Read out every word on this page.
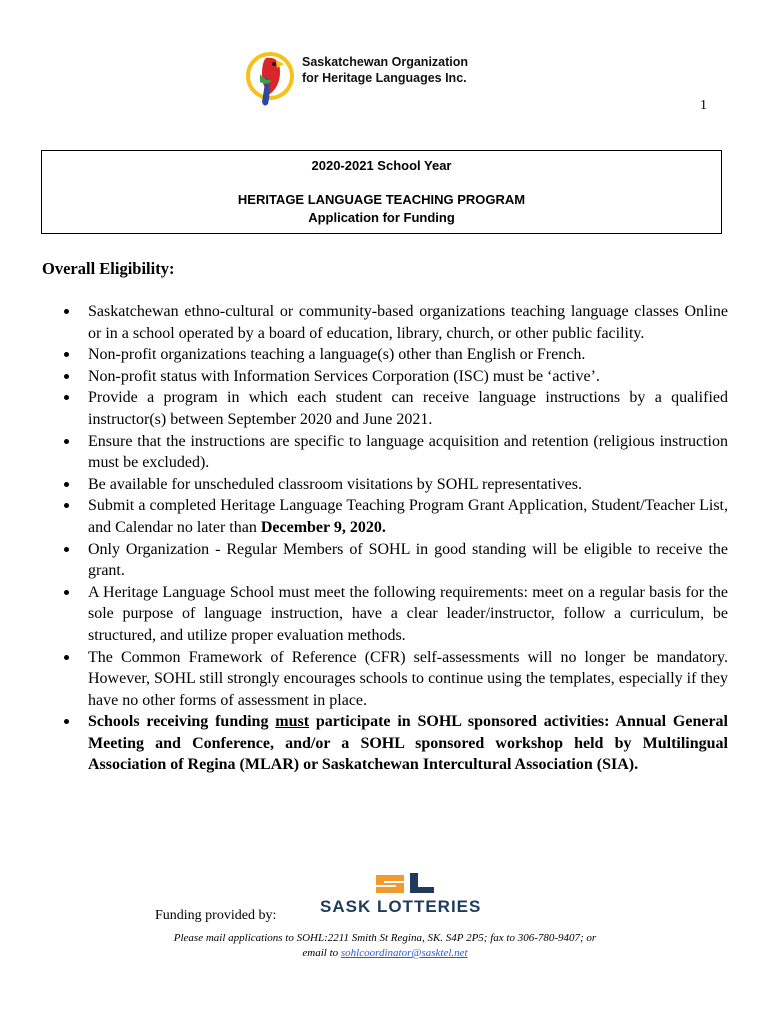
Saskatchewan Organization
for Heritage Languages Inc.
1
2020-2021 School Year
HERITAGE LANGUAGE TEACHING PROGRAM
Application for Funding
Overall Eligibility:
Saskatchewan ethno-cultural or community-based organizations teaching language classes Online or in a school operated by a board of education, library, church, or other public facility.
Non-profit organizations teaching a language(s) other than English or French.
Non-profit status with Information Services Corporation (ISC) must be ‘active’.
Provide a program in which each student can receive language instructions by a qualified instructor(s) between September 2020 and June 2021.
Ensure that the instructions are specific to language acquisition and retention (religious instruction must be excluded).
Be available for unscheduled classroom visitations by SOHL representatives.
Submit a completed Heritage Language Teaching Program Grant Application, Student/Teacher List, and Calendar no later than December 9, 2020.
Only Organization - Regular Members of SOHL in good standing will be eligible to receive the grant.
A Heritage Language School must meet the following requirements: meet on a regular basis for the sole purpose of language instruction, have a clear leader/instructor, follow a curriculum, be structured, and utilize proper evaluation methods.
The Common Framework of Reference (CFR) self-assessments will no longer be mandatory. However, SOHL still strongly encourages schools to continue using the templates, especially if they have no other forms of assessment in place.
Schools receiving funding must participate in SOHL sponsored activities: Annual General Meeting and Conference, and/or a SOHL sponsored workshop held by Multilingual Association of Regina (MLAR) or Saskatchewan Intercultural Association (SIA).
Funding provided by:	SASK LOTTERIES
Please mail applications to SOHL:2211 Smith St Regina, SK. S4P 2P5; fax to 306-780-9407; or
email to sohlcoordinator@sasktel.net
